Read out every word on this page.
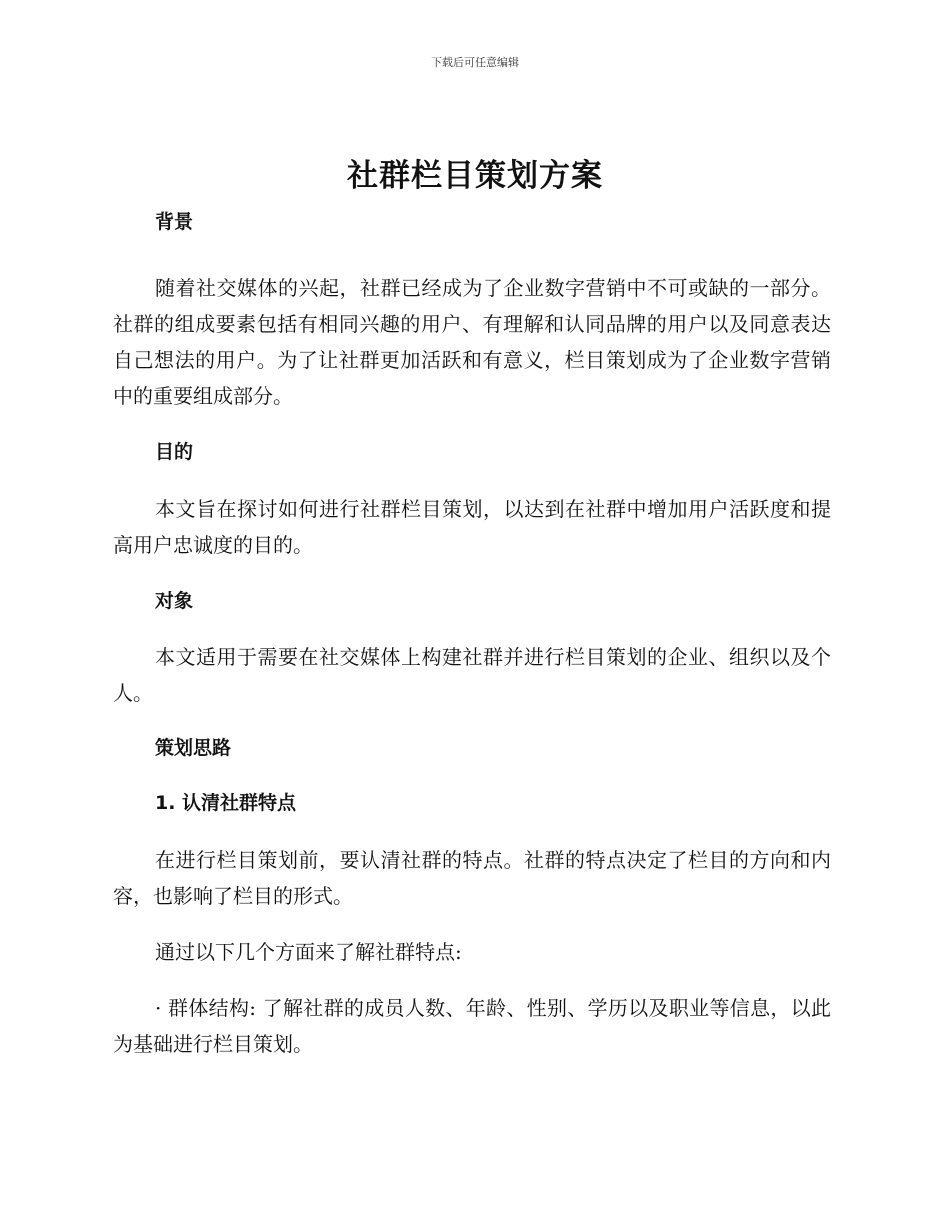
下载后可任意编辑
社群栏目策划方案

背景

随着社交媒体的兴起，社群已经成为了企业数字营销中不可或缺的一部分。社群的组成要素包括有相同兴趣的用户、有理解和认同品牌的用户以及同意表达自己想法的用户。为了让社群更加活跃和有意义，栏目策划成为了企业数字营销中的重要组成部分。

目的

本文旨在探讨如何进行社群栏目策划，以达到在社群中增加用户活跃度和提高用户忠诚度的目的。

对象

本文适用于需要在社交媒体上构建社群并进行栏目策划的企业、组织以及个人。

策划思路

1. 认清社群特点

在进行栏目策划前，要认清社群的特点。社群的特点决定了栏目的方向和内容，也影响了栏目的形式。

通过以下几个方面来了解社群特点:

· 群体结构: 了解社群的成员人数、年龄、性别、学历以及职业等信息，以此为基础进行栏目策划。
